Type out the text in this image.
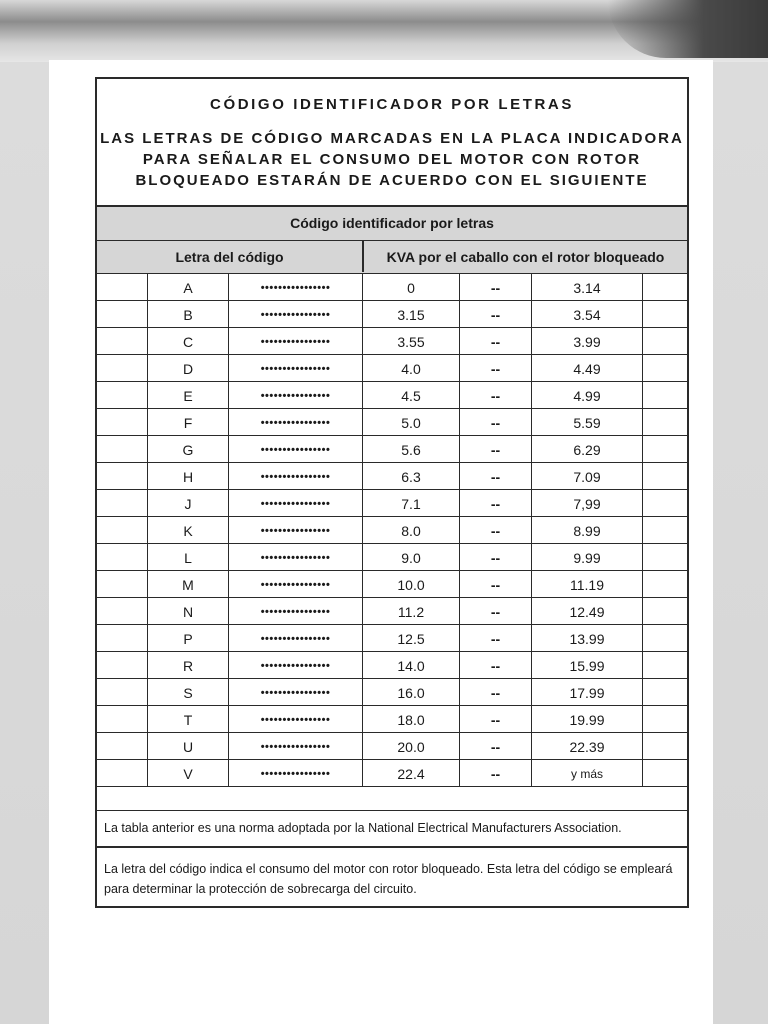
CÓDIGO IDENTIFICADOR POR LETRAS
LAS LETRAS DE CÓDIGO MARCADAS EN LA PLACA INDICADORA
PARA SEÑALAR EL CONSUMO DEL MOTOR CON ROTOR
BLOQUEADO ESTARÁN DE ACUERDO CON EL SIGUIENTE
Código identificador por letras
Letra del código	KVA por el caballo con el rotor bloqueado
A	••••••••••••••••	0	--	3.14
B	••••••••••••••••	3.15	--	3.54
C	••••••••••••••••	3.55	--	3.99
D	••••••••••••••••	4.0	--	4.49
E	••••••••••••••••	4.5	--	4.99
F	••••••••••••••••	5.0	--	5.59
G	••••••••••••••••	5.6	--	6.29
H	••••••••••••••••	6.3	--	7.09
J	••••••••••••••••	7.1	--	7,99
K	••••••••••••••••	8.0	--	8.99
L	••••••••••••••••	9.0	--	9.99
M	••••••••••••••••	10.0	--	11.19
N	••••••••••••••••	11.2	--	12.49
P	••••••••••••••••	12.5	--	13.99
R	••••••••••••••••	14.0	--	15.99
S	••••••••••••••••	16.0	--	17.99
T	••••••••••••••••	18.0	--	19.99
U	••••••••••••••••	20.0	--	22.39
V	••••••••••••••••	22.4	--	y más
La tabla anterior es una norma adoptada por la National Electrical Manufacturers Association.
La letra del código indica el consumo del motor con rotor bloqueado. Esta letra del código se empleará para determinar la protección de sobrecarga del circuito.
